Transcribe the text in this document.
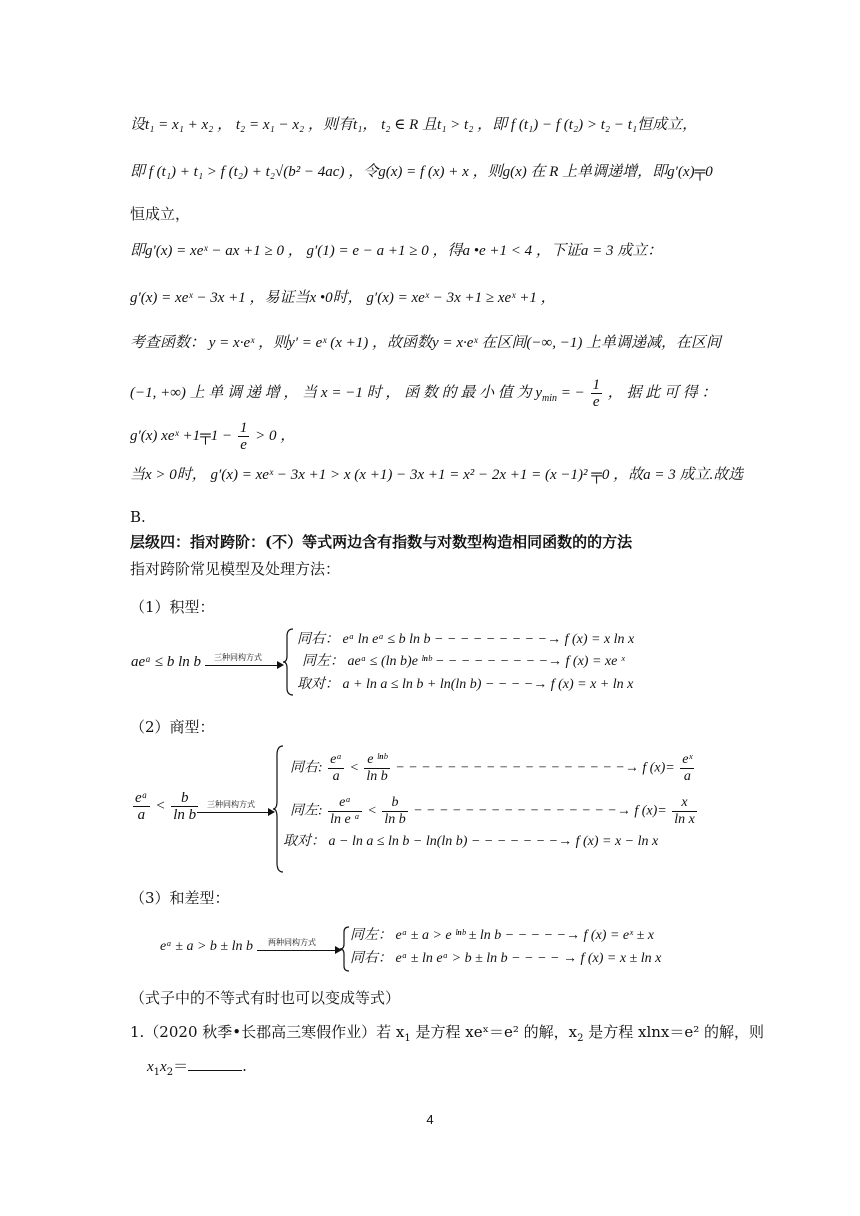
设t₁ = x₁ + x₂ ， t₂ = x₁ − x₂ ，则有t₁， t₂ ∈ R 且t₁ > t₂ ，即 f (t₁) − f (t₂) > t₂ − t₁恒成立，
即 f (t₁) + t₁ > f (t₂) + t₂√(b² − 4ac) ，令g(x) = f (x) + x ，则g(x) 在 R 上单调递增，即g′(x)╤0
恒成立，
即g′(x) = xeˣ − ax +1 ≥ 0 ， g′(1) = e − a +1 ≥ 0 ，得a •e +1 < 4 ，下证a = 3 成立：
g′(x) = xeˣ − 3x +1 ，易证当x •0时， g′(x) = xeˣ − 3x +1 ≥ xeˣ +1 ，
考查函数： y = x·eˣ ，则y′ = eˣ (x +1) ，故函数y = x·eˣ 在区间(−∞, −1) 上单调递减，在区间
(−1, +∞) 上 单 调 递 增 ， 当 x = −1 时 ， 函 数 的 最 小 值 为 $y_{min}$ = − $\frac{1}{e}$ ， 据 此 可 得 ：
g′(x) xeˣ +1╤1 − $\frac{1}{e} > 0$ ，
当x > 0时， g′(x) = xeˣ − 3x +1 > x (x +1) − 3x +1 = x² − 2x +1 = (x −1)² ╤0 ，故a = 3 成立.故选
B.
层级四：指对跨阶：(不）等式两边含有指数与对数型构造相同函数的的方法
指对跨阶常见模型及处理方法：
（1）积型：
aeᵃ ≤ b ln b 三种同构方式
同右： eᵃ ln eᵃ ≤ b ln b − − − − − − − − −→ f (x) = x ln x
同左： aeᵃ ≤ (ln b)e ˡⁿᵇ − − − − − − − − −→ f (x) = xe ˣ
取对： a + ln a ≤ ln b + ln(ln b) − − − −→ f (x) = x + ln x
（2）商型：
$\frac{\text{eᵃ}}{a} < \frac{b}{\text{ln b}}$ 三种同构方式
同右: $\frac{\text{eᵃ}}{a} < \frac{\text{e ˡⁿᵇ}}{\text{ln b}}$ − − − − − − − − − − − − − − − − − −→ f $(x)= \frac{\text{eˣ}}{a}$
同左: $\frac{\text{eᵃ}}{\text{ln e ᵃ}} < \frac{b}{\text{ln b}}$ − − − − − − − − − − − − − − − −→ f $(x)= \frac{x}{\text{ln x}}$
取对： a − ln a ≤ ln b − ln(ln b) − − − − − − −→ f (x) = x − ln x
（3）和差型：
eᵃ ± a > b ± ln b 两种同构方式 同左： eᵃ ± a > e ˡⁿᵇ ± ln b − − − − −→ f (x) = eˣ ± x
同右： eᵃ ± ln eᵃ > b ± ln b − − − − → f (x) = x ± ln x
（式子中的不等式有时也可以变成等式）
1.（2020 秋季•长郡高三寒假作业）若 $x_1$ 是方程 xeˣ＝e² 的解，$x_2$ 是方程 xlnx＝e² 的解，则
$x_1x_2=$	.
4
